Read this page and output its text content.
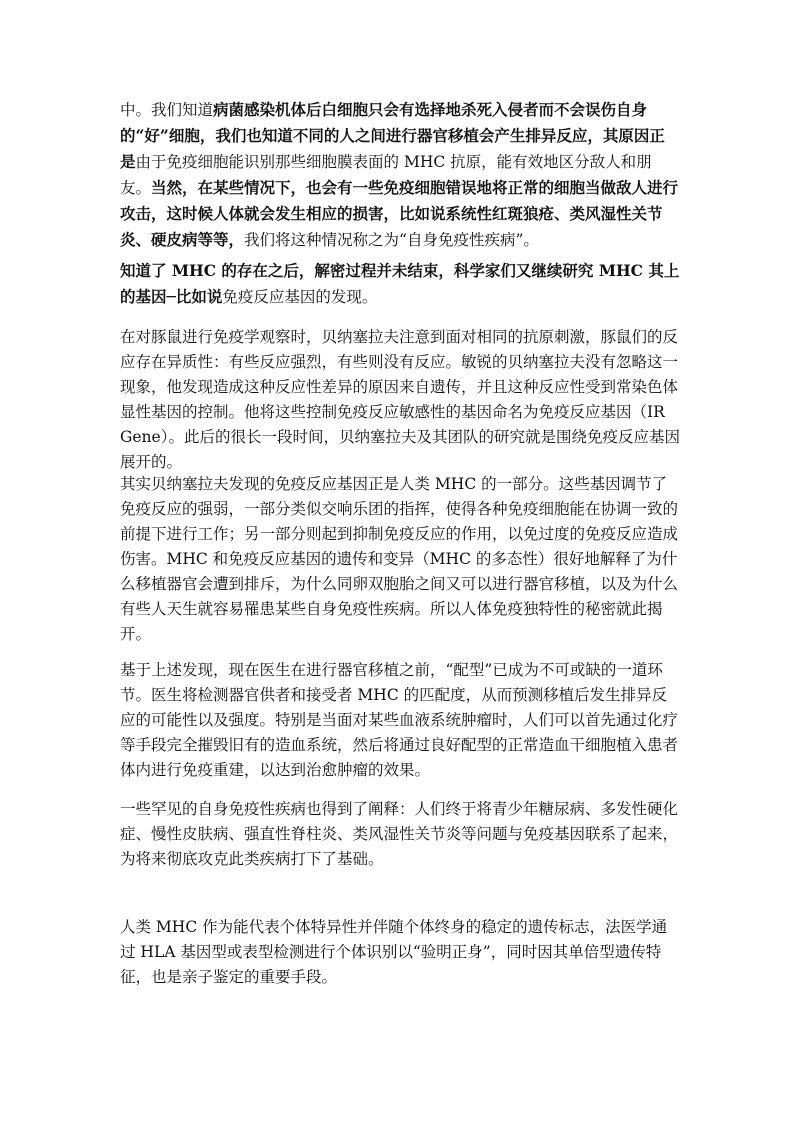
中。我们知道病菌感染机体后白细胞只会有选择地杀死入侵者而不会误伤自身的“好”细胞，我们也知道不同的人之间进行器官移植会产生排异反应，其原因正是由于免疫细胞能识别那些细胞膜表面的 MHC 抗原，能有效地区分敌人和朋友。当然，在某些情况下，也会有一些免疫细胞错误地将正常的细胞当做敌人进行攻击，这时候人体就会发生相应的损害，比如说系统性红斑狼疮、类风湿性关节炎、硬皮病等等，我们将这种情况称之为“自身免疫性疾病”。

知道了 MHC 的存在之后，解密过程并未结束，科学家们又继续研究 MHC 其上的基因─比如说免疫反应基因的发现。

在对豚鼠进行免疫学观察时，贝纳塞拉夫注意到面对相同的抗原刺激，豚鼠们的反应存在异质性：有些反应强烈，有些则没有反应。敏锐的贝纳塞拉夫没有忽略这一现象，他发现造成这种反应性差异的原因来自遗传，并且这种反应性受到常染色体显性基因的控制。他将这些控制免疫反应敏感性的基因命名为免疫反应基因（IR Gene）。此后的很长一段时间，贝纳塞拉夫及其团队的研究就是围绕免疫反应基因展开的。

其实贝纳塞拉夫发现的免疫反应基因正是人类 MHC 的一部分。这些基因调节了免疫反应的强弱，一部分类似交响乐团的指挥，使得各种免疫细胞能在协调一致的前提下进行工作；另一部分则起到抑制免疫反应的作用，以免过度的免疫反应造成伤害。MHC 和免疫反应基因的遗传和变异（MHC 的多态性）很好地解释了为什么移植器官会遭到排斥，为什么同卵双胞胎之间又可以进行器官移植，以及为什么有些人天生就容易罹患某些自身免疫性疾病。所以人体免疫独特性的秘密就此揭开。

基于上述发现，现在医生在进行器官移植之前，“配型”已成为不可或缺的一道环节。医生将检测器官供者和接受者 MHC 的匹配度，从而预测移植后发生排异反应的可能性以及强度。特别是当面对某些血液系统肿瘤时，人们可以首先通过化疗等手段完全摧毁旧有的造血系统，然后将通过良好配型的正常造血干细胞植入患者体内进行免疫重建，以达到治愈肿瘤的效果。

一些罕见的自身免疫性疾病也得到了阐释：人们终于将青少年糖尿病、多发性硬化症、慢性皮肤病、强直性脊柱炎、类风湿性关节炎等问题与免疫基因联系了起来，为将来彻底攻克此类疾病打下了基础。

人类 MHC 作为能代表个体特异性并伴随个体终身的稳定的遗传标志，法医学通过 HLA 基因型或表型检测进行个体识别以“验明正身”，同时因其单倍型遗传特征，也是亲子鉴定的重要手段。
